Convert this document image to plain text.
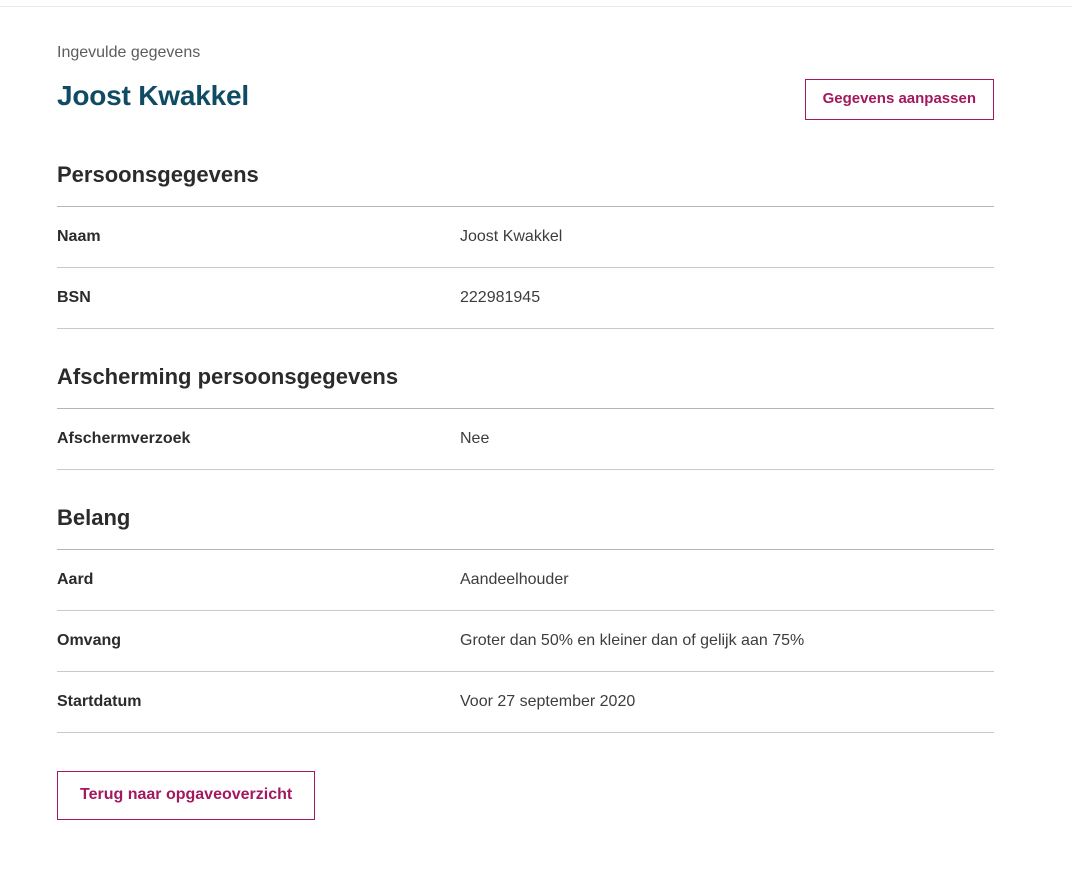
Ingevulde gegevens
Joost Kwakkel	Gegevens aanpassen
Persoonsgegevens
Naam	Joost Kwakkel
BSN	222981945
Afscherming persoonsgegevens
Afschermverzoek	Nee
Belang
Aard	Aandeelhouder
Omvang	Groter dan 50% en kleiner dan of gelijk aan 75%
Startdatum	Voor 27 september 2020
Terug naar opgaveoverzicht
